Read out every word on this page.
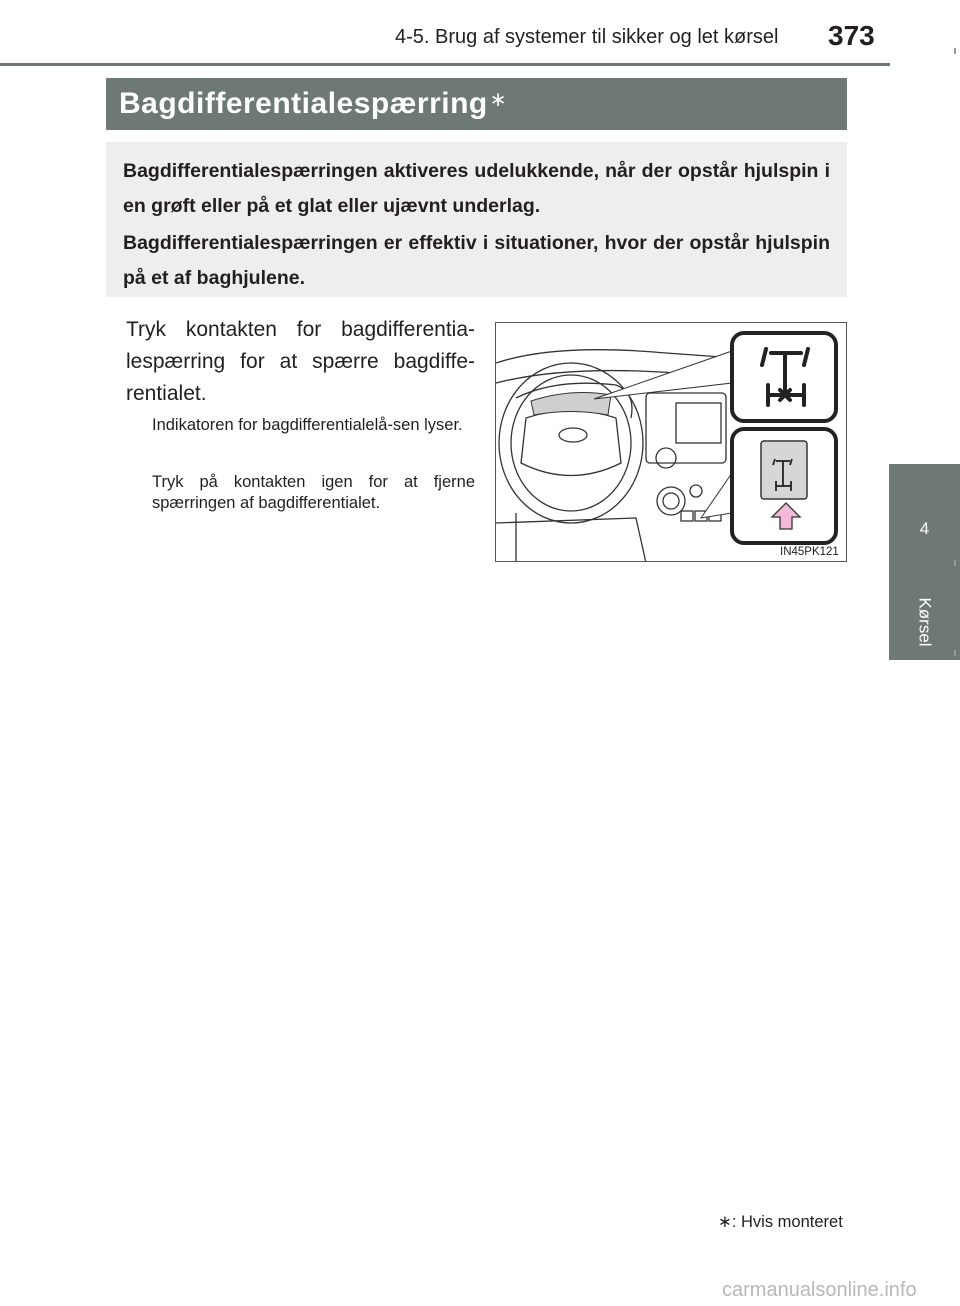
4-5. Brug af systemer til sikker og let kørsel 373
4
Kørsel
Bagdifferentialespærring ∗
Bagdifferentialespærringen aktiveres udelukkende, når der opstår hjulspin i en grøft eller på et glat eller ujævnt underlag.
Bagdifferentialespærringen er effektiv i situationer, hvor der opstår hjulspin på et af baghjulene.
Tryk kontakten for bagdifferentia-lespærring for at spærre bagdiffe-rentialet.
Indikatoren for bagdifferentialelå-sen lyser.
Tryk på kontakten igen for at fjerne spærringen af bagdifferentialet.
IN45PK121
∗: Hvis monteret
carmanualsonline.info
